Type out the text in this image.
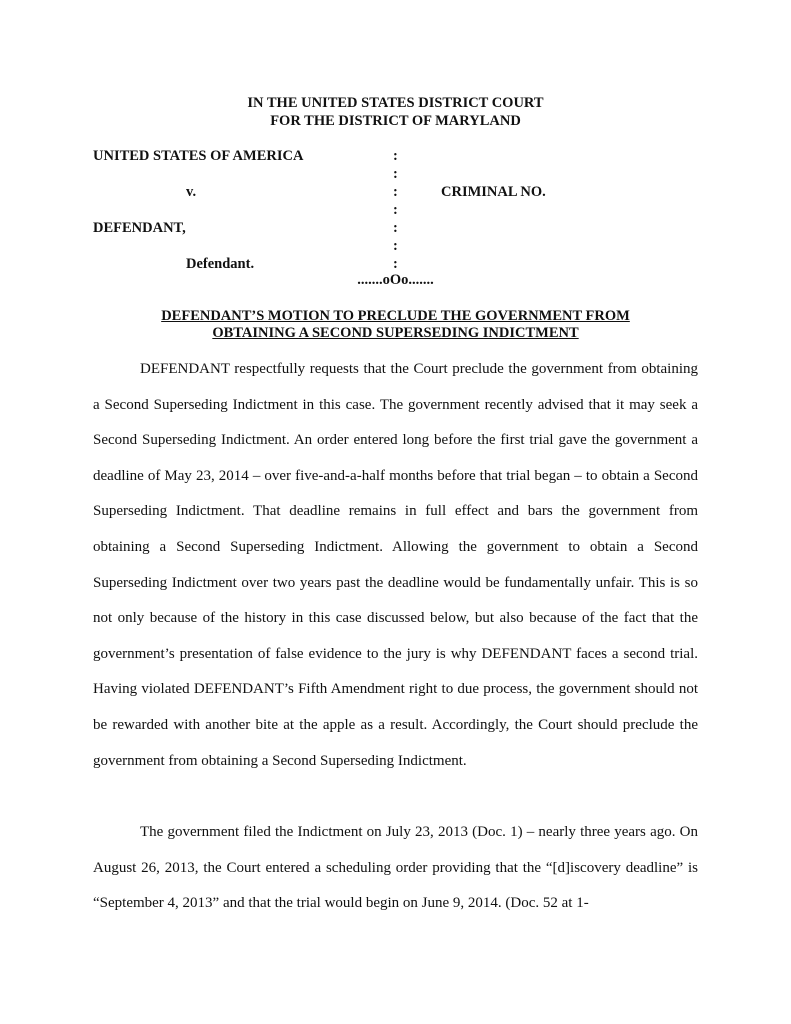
IN THE UNITED STATES DISTRICT COURT
FOR THE DISTRICT OF MARYLAND
UNITED STATES OF AMERICA
v.	CRIMINAL NO.
DEFENDANT,
Defendant.
:
:
:
:
:
:
:
.......oOo.......
DEFENDANT’S MOTION TO PRECLUDE THE GOVERNMENT FROM OBTAINING A SECOND SUPERSEDING INDICTMENT

DEFENDANT respectfully requests that the Court preclude the government from obtaining a Second Superseding Indictment in this case. The government recently advised that it may seek a Second Superseding Indictment. An order entered long before the first trial gave the government a deadline of May 23, 2014 – over five-and-a-half months before that trial began – to obtain a Second Superseding Indictment. That deadline remains in full effect and bars the government from obtaining a Second Superseding Indictment. Allowing the government to obtain a Second Superseding Indictment over two years past the deadline would be fundamentally unfair. This is so not only because of the history in this case discussed below, but also because of the fact that the government’s presentation of false evidence to the jury is why DEFENDANT faces a second trial. Having violated DEFENDANT’s Fifth Amendment right to due process, the government should not be rewarded with another bite at the apple as a result. Accordingly, the Court should preclude the government from obtaining a Second Superseding Indictment.

The government filed the Indictment on July 23, 2013 (Doc. 1) – nearly three years ago. On August 26, 2013, the Court entered a scheduling order providing that the “[d]iscovery deadline” is “September 4, 2013” and that the trial would begin on June 9, 2014. (Doc. 52 at 1-
